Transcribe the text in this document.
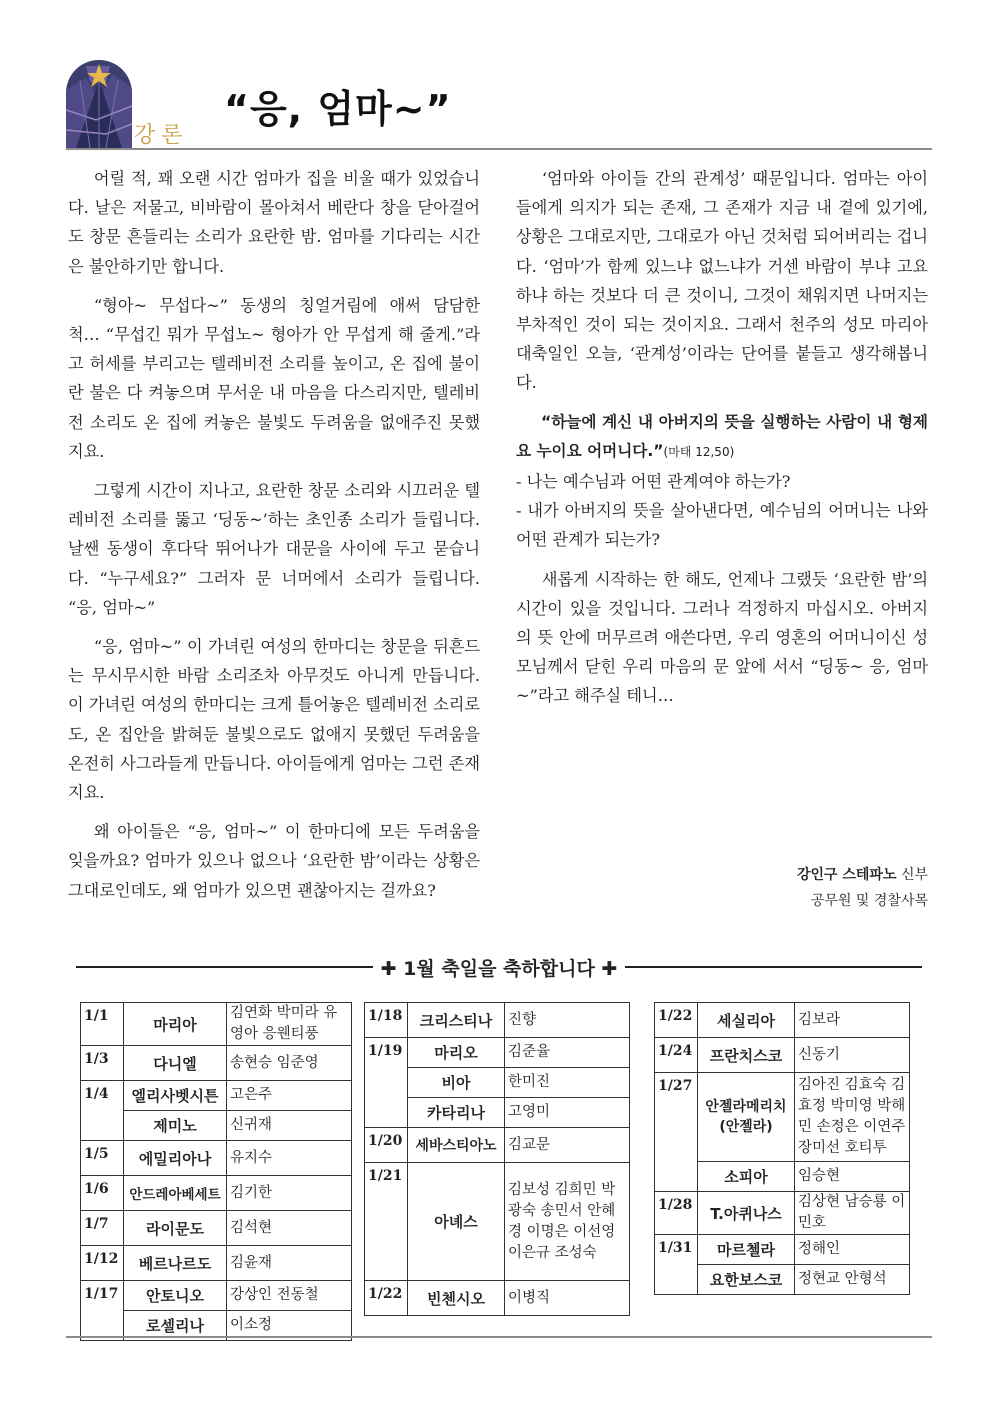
강론
“응, 엄마~”

어릴 적, 꽤 오랜 시간 엄마가 집을 비울 때가 있었습니다. 날은 저물고, 비바람이 몰아쳐서 베란다 창을 닫아걸어도 창문 흔들리는 소리가 요란한 밤. 엄마를 기다리는 시간은 불안하기만 합니다.

“형아~ 무섭다~” 동생의 칭얼거림에 애써 담담한 척… “무섭긴 뭐가 무섭노~ 형아가 안 무섭게 해 줄게.”라고 허세를 부리고는 텔레비전 소리를 높이고, 온 집에 불이란 불은 다 켜놓으며 무서운 내 마음을 다스리지만, 텔레비전 소리도 온 집에 켜놓은 불빛도 두려움을 없애주진 못했지요.

그렇게 시간이 지나고, 요란한 창문 소리와 시끄러운 텔레비전 소리를 뚫고 ‘딩동~’하는 초인종 소리가 들립니다. 날쌘 동생이 후다닥 뛰어나가 대문을 사이에 두고 묻습니다. “누구세요?” 그러자 문 너머에서 소리가 들립니다. “응, 엄마~”

“응, 엄마~” 이 가녀린 여성의 한마디는 창문을 뒤흔드는 무시무시한 바람 소리조차 아무것도 아니게 만듭니다. 이 가녀린 여성의 한마디는 크게 틀어놓은 텔레비전 소리로도, 온 집안을 밝혀둔 불빛으로도 없애지 못했던 두려움을 온전히 사그라들게 만듭니다. 아이들에게 엄마는 그런 존재지요.

왜 아이들은 “응, 엄마~” 이 한마디에 모든 두려움을 잊을까요? 엄마가 있으나 없으나 ‘요란한 밤’이라는 상황은 그대로인데도, 왜 엄마가 있으면 괜찮아지는 걸까요?

‘엄마와 아이들 간의 관계성’ 때문입니다. 엄마는 아이들에게 의지가 되는 존재, 그 존재가 지금 내 곁에 있기에, 상황은 그대로지만, 그대로가 아닌 것처럼 되어버리는 겁니다. ‘엄마’가 함께 있느냐 없느냐가 거센 바람이 부냐 고요하냐 하는 것보다 더 큰 것이니, 그것이 채워지면 나머지는 부차적인 것이 되는 것이지요. 그래서 천주의 성모 마리아 대축일인 오늘, ‘관계성’이라는 단어를 붙들고 생각해봅니다.

“하늘에 계신 내 아버지의 뜻을 실행하는 사람이 내 형제요 누이요 어머니다.”(마태 12,50)

- 나는 예수님과 어떤 관계여야 하는가?

- 내가 아버지의 뜻을 살아낸다면, 예수님의 어머니는 나와 어떤 관계가 되는가?

새롭게 시작하는 한 해도, 언제나 그랬듯 ‘요란한 밤’의 시간이 있을 것입니다. 그러나 걱정하지 마십시오. 아버지의 뜻 안에 머무르려 애쓴다면, 우리 영혼의 어머니이신 성모님께서 닫힌 우리 마음의 문 앞에 서서 “딩동~ 응, 엄마~”라고 해주실 테니…

강인구 스테파노 신부
공무원 및 경찰사목
✚ 1월 축일을 축하합니다 ✚
1/1	마리아	김연화 박미라 유영아 응웬티풍
1/3	다니엘	송현승 임준영
1/4	엘리사벳시튼	고은주
	제미노	신귀재
1/5	에밀리아나	유지수
1/6	안드레아베세트	김기한
1/7	라이문도	김석현
1/12	베르나르도	김윤재
1/17	안토니오	강상인 전동철
	로셀리나	이소정
1/18	크리스티나	진향
1/19	마리오	김준율
	비아	한미진
	카타리나	고영미
1/20	세바스티아노	김교문
1/21	아녜스	김보성 김희민 박광숙 송민서 안혜경 이명은 이선영 이은규 조성숙
1/22	빈첸시오	이병직
1/22	세실리아	김보라
1/24	프란치스코	신동기
1/27	안젤라메리치 (안젤라)	김아진 김효숙 김효정 박미영 박해민 손정은 이연주 장미선 호티투
	소피아	임승현
1/28	T.아퀴나스	김상현 남승룡 이민호
1/31	마르첼라	정해인
	요한보스코	정현교 안형석
